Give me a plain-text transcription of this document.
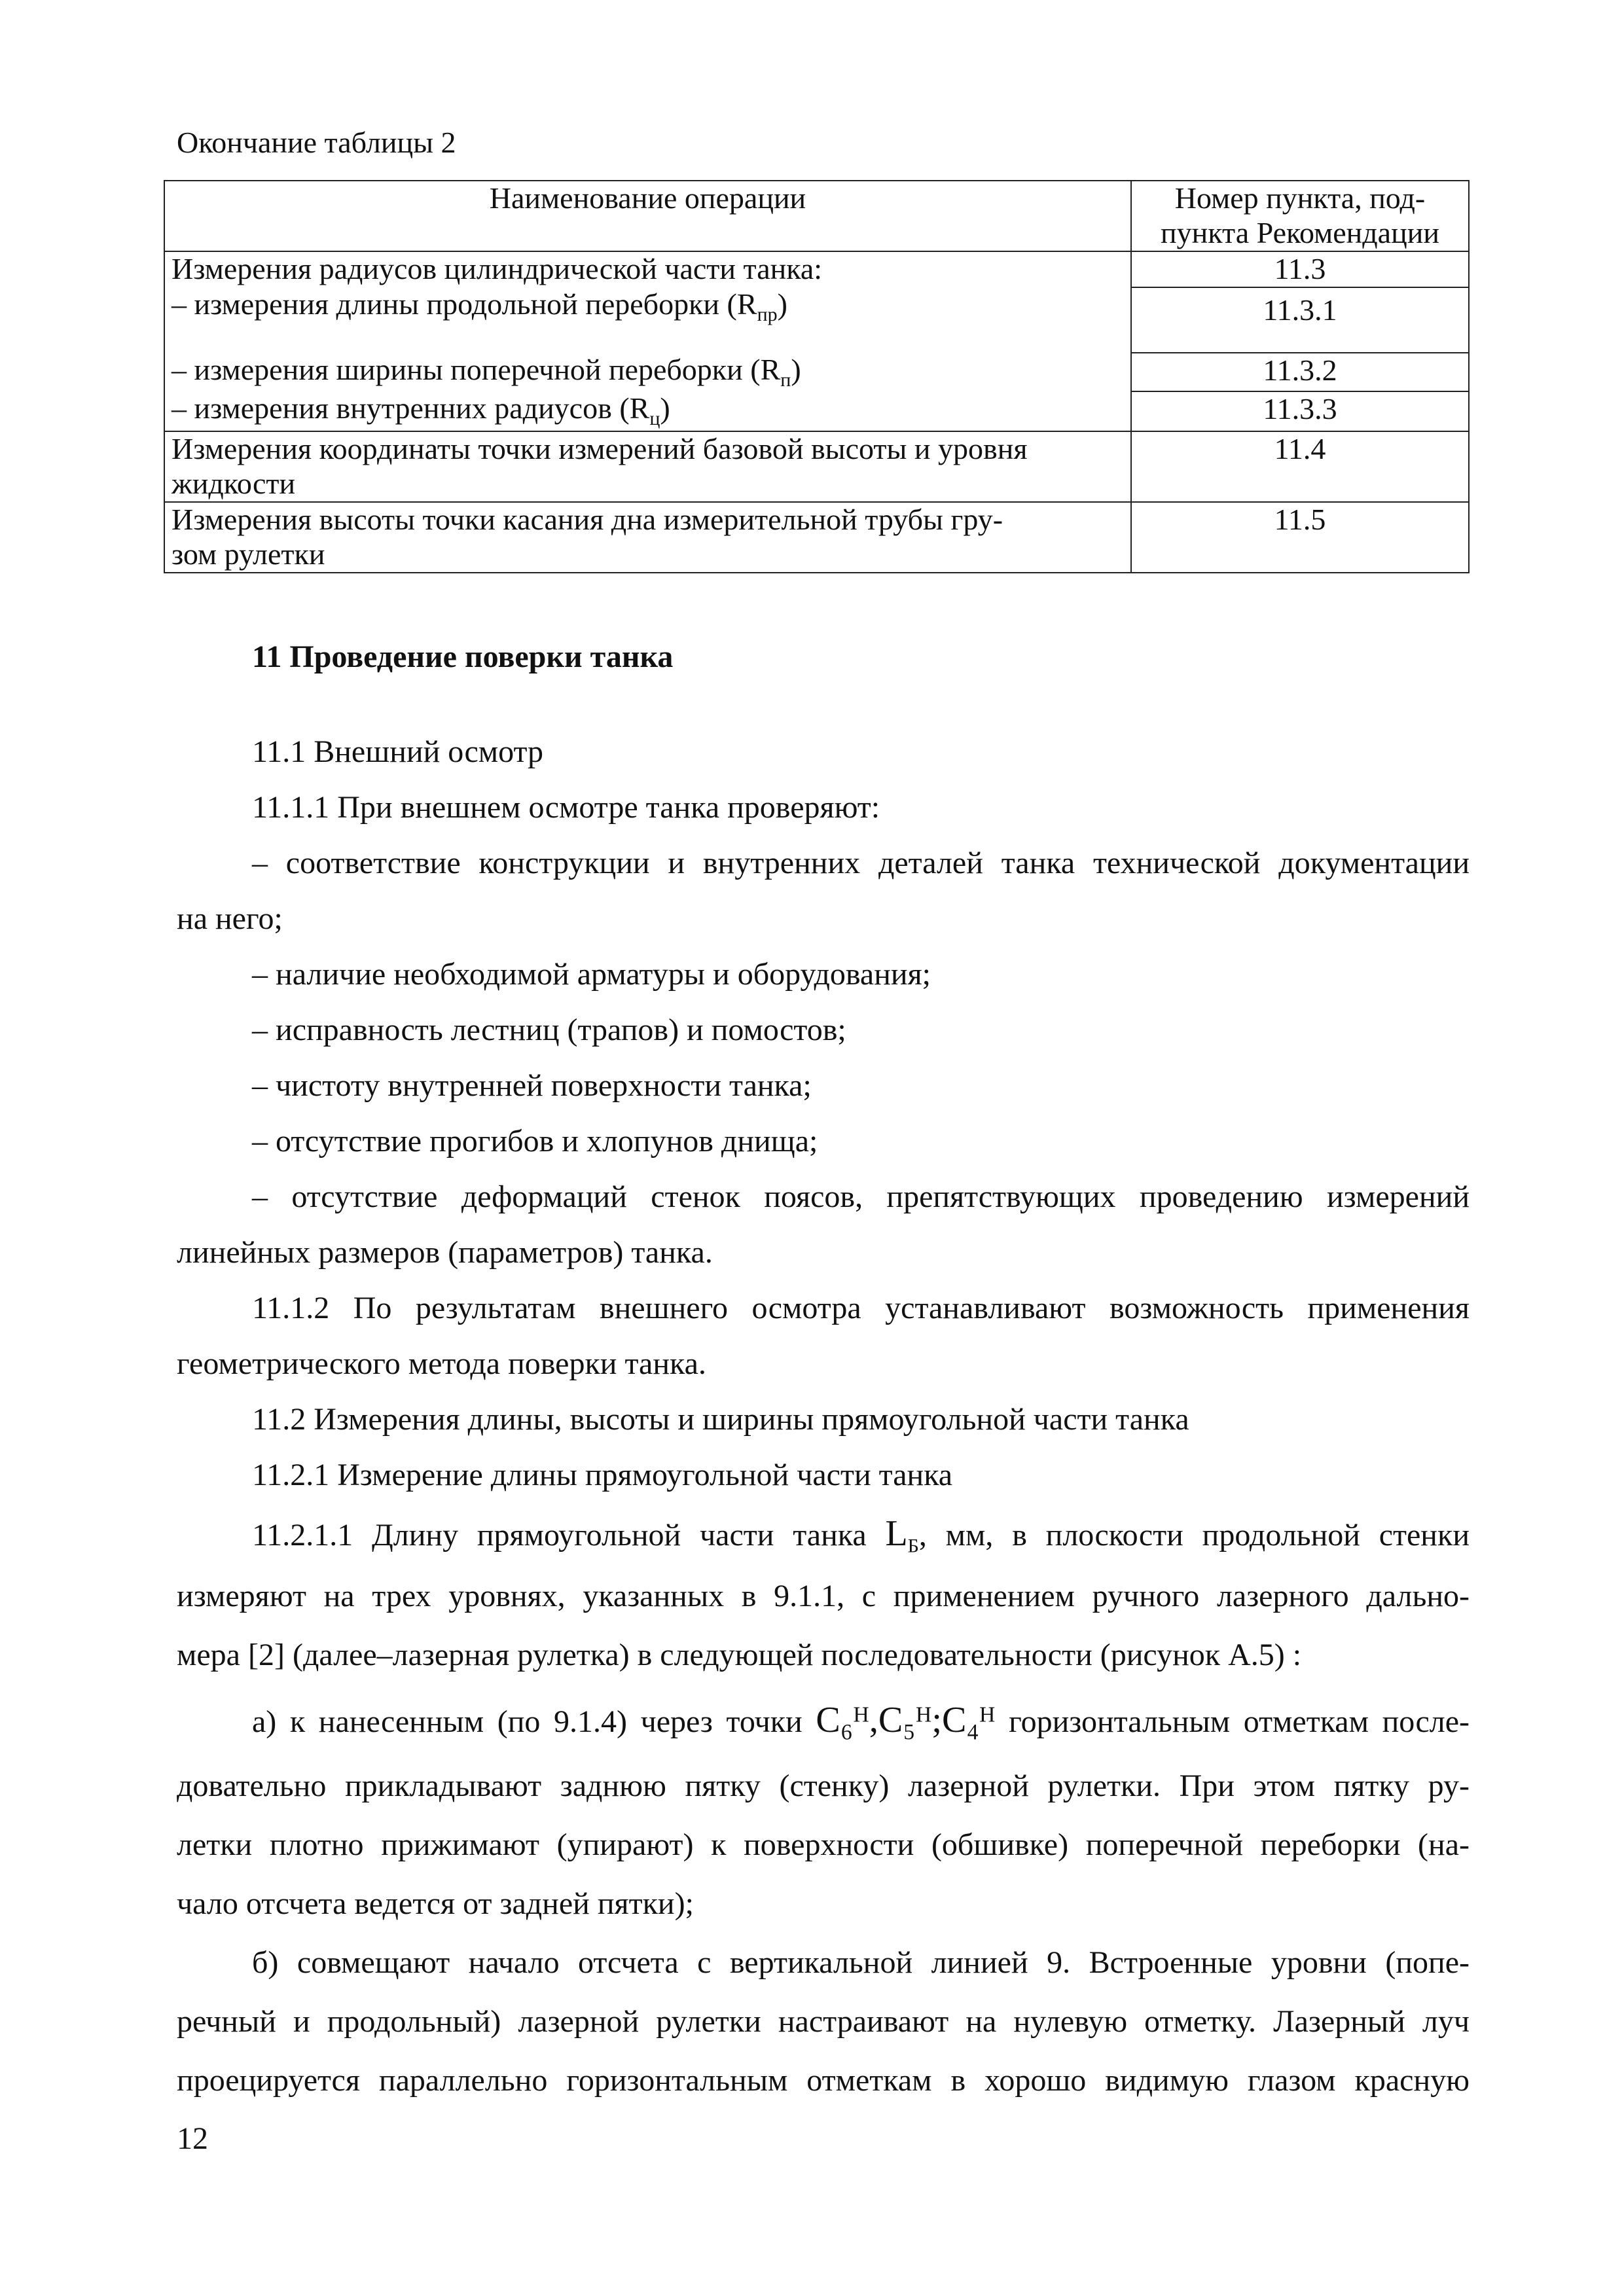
Окончание таблицы 2
Наименование операции	Номер пункта, под-
пункта Рекомендации

Измерения радиусов цилиндрической части танка:	11.3
– измерения длины продольной переборки $(R_{пр})$	11.3.1
– измерения ширины поперечной переборки $(R_п)$	11.3.2
– измерения внутренних радиусов $(R_ц)$	11.3.3

Измерения координаты точки измерений базовой высоты и уровня
жидкости	11.4

Измерения высоты точки касания дна измерительной трубы гру-
зом рулетки	11.5
11 Проведение поверки танка
11.1 Внешний осмотр
11.1.1 При внешнем осмотре танка проверяют:
– соответствие конструкции и внутренних деталей танка технической документации
на него;
– наличие необходимой арматуры и оборудования;
– исправность лестниц (трапов) и помостов;
– чистоту внутренней поверхности танка;
– отсутствие прогибов и хлопунов днища;
– отсутствие деформаций стенок поясов, препятствующих проведению измерений
линейных размеров (параметров) танка.
11.1.2 По результатам внешнего осмотра устанавливают возможность применения
геометрического метода поверки танка.
11.2 Измерения длины, высоты и ширины прямоугольной части танка
11.2.1 Измерение длины прямоугольной части танка
11.2.1.1 Длину прямоугольной части танка $L_Б$, мм, в плоскости продольной стенки
измеряют на трех уровнях, указанных в 9.1.1, с применением ручного лазерного дально-
мера [2] (далее–лазерная рулетка) в следующей последовательности (рисунок А.5) :
а) к нанесенным (по 9.1.4) через точки C₆ᴴ,C₅ᴴ;C₄ᴴ горизонтальным отметкам после-
довательно прикладывают заднюю пятку (стенку) лазерной рулетки. При этом пятку ру-
летки плотно прижимают (упирают) к поверхности (обшивке) поперечной переборки (на-
чало отсчета ведется от задней пятки);
б) совмещают начало отсчета с вертикальной линией 9. Встроенные уровни (попе-
речный и продольный) лазерной рулетки настраивают на нулевую отметку. Лазерный луч
проецируется параллельно горизонтальным отметкам в хорошо видимую глазом красную
12
